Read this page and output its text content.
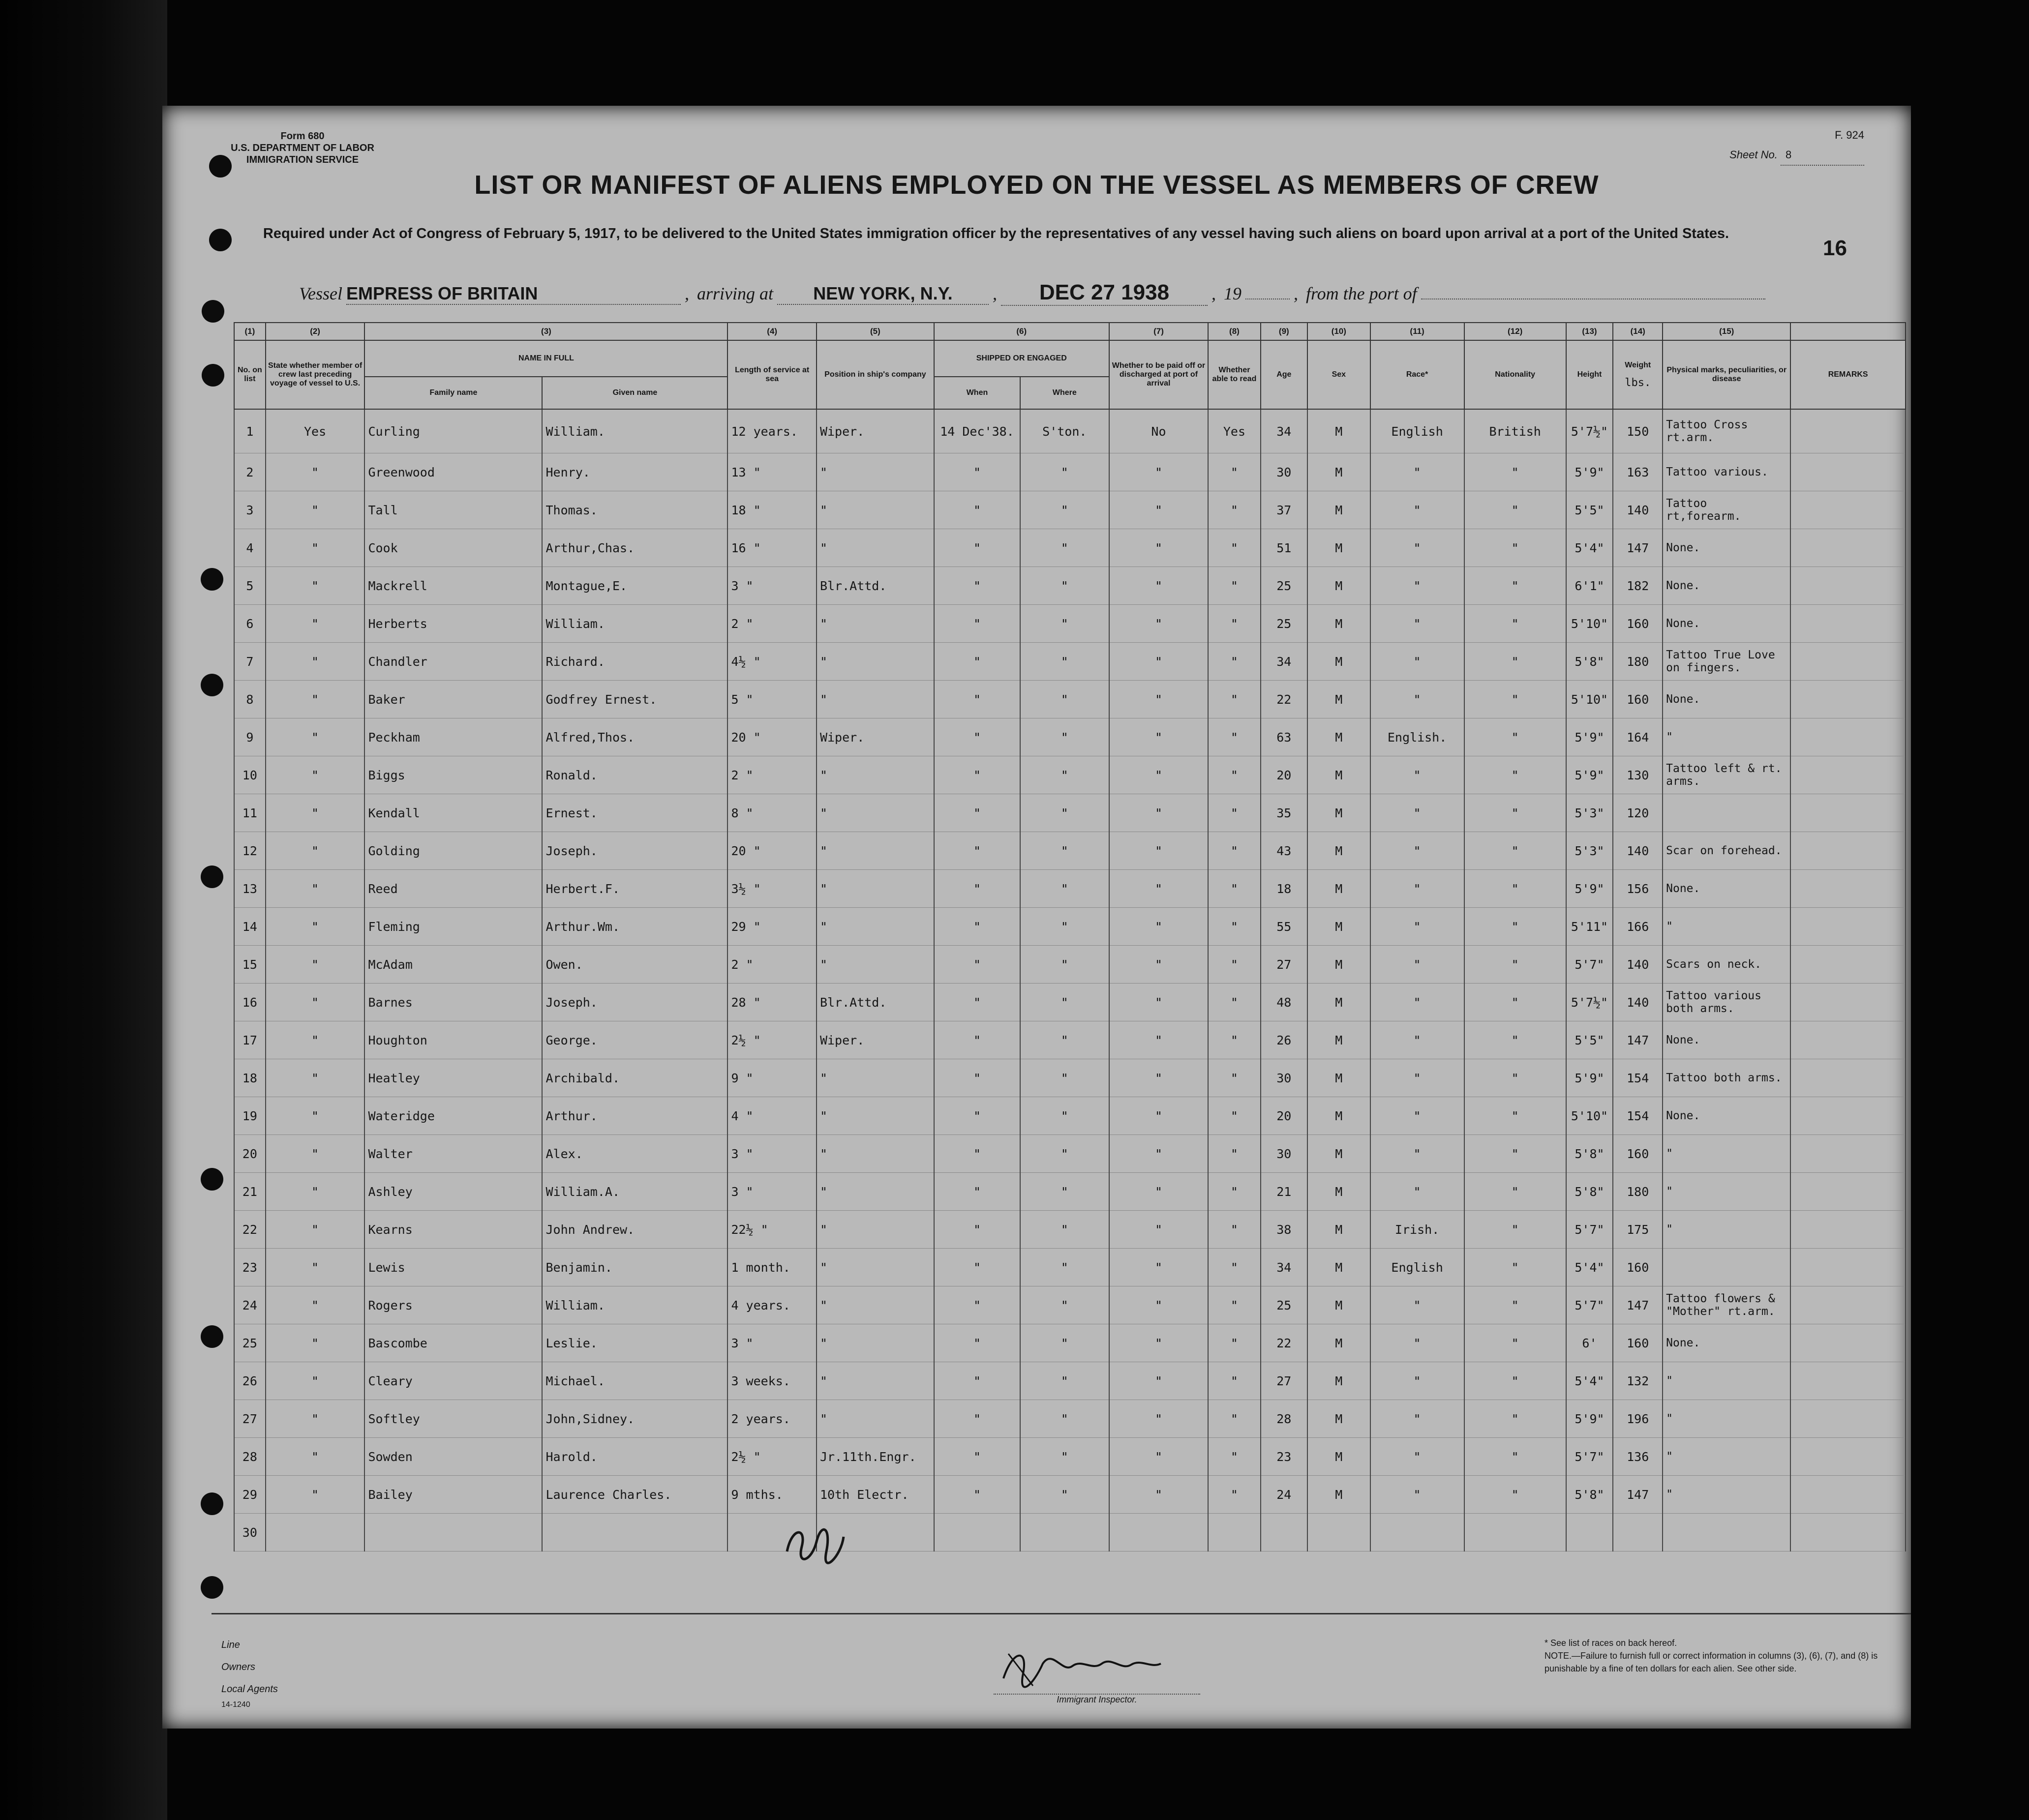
Form 680
U.S. DEPARTMENT OF LABOR
IMMIGRATION SERVICE
F. 924
Sheet No. 8
LIST OR MANIFEST OF ALIENS EMPLOYED ON THE VESSEL AS MEMBERS OF CREW
Required under Act of Congress of February 5, 1917, to be delivered to the United States immigration officer by the representatives of any vessel having such aliens on board upon arrival at a port of the United States.
16
Vessel EMPRESS OF BRITAIN	, arriving at NEW YORK, N.Y. , DEC 27 1938 , 19	, from the port of
(1)	(2)	(3)		(4)	(5)	(6)		(7)	(8)	(9)	(10)	(11)	(12)	(13)	(14)	(15)	
No. on list	State whether member of crew last preceding voyage of vessel to U.S.	NAME IN FULL		Length of service at sea	Position in ship's company	SHIPPED OR ENGAGED		Whether to be paid off or discharged at port of arrival	Whether able to read	Age	Sex	Race*	Nationality	Height	Weight

lbs.	Physical marks, peculiarities, or disease	REMARKS
		Family name	Given name			When	Where										
1	Yes	Curling	William.	12 years.	Wiper.	14 Dec'38.	S'ton.	No	Yes	34	M	English	British	5'7½"	150	Tattoo Cross rt.arm.	
2	"	Greenwood	Henry.	13 "	"	"	"	"	"	30	M	"	"	5'9"	163	Tattoo various.	
3	"	Tall	Thomas.	18 "	"	"	"	"	"	37	M	"	"	5'5"	140	Tattoo rt,forearm.	
4	"	Cook	Arthur,Chas.	16 "	"	"	"	"	"	51	M	"	"	5'4"	147	None.	
5	"	Mackrell	Montague,E.	3 "	Blr.Attd.	"	"	"	"	25	M	"	"	6'1"	182	None.	
6	"	Herberts	William.	2 "	"	"	"	"	"	25	M	"	"	5'10"	160	None.	
7	"	Chandler	Richard.	4½ "	"	"	"	"	"	34	M	"	"	5'8"	180	Tattoo True Love on fingers.	
8	"	Baker	Godfrey Ernest.	5 "	"	"	"	"	"	22	M	"	"	5'10"	160	None.	
9	"	Peckham	Alfred,Thos.	20 "	Wiper.	"	"	"	"	63	M	English.	"	5'9"	164	"	
10	"	Biggs	Ronald.	2 "	"	"	"	"	"	20	M	"	"	5'9"	130	Tattoo left & rt. arms.	
11	"	Kendall	Ernest.	8 "	"	"	"	"	"	35	M	"	"	5'3"	120		
12	"	Golding	Joseph.	20 "	"	"	"	"	"	43	M	"	"	5'3"	140	Scar on forehead.	
13	"	Reed	Herbert.F.	3½ "	"	"	"	"	"	18	M	"	"	5'9"	156	None.	
14	"	Fleming	Arthur.Wm.	29 "	"	"	"	"	"	55	M	"	"	5'11"	166	"	
15	"	McAdam	Owen.	2 "	"	"	"	"	"	27	M	"	"	5'7"	140	Scars on neck.	
16	"	Barnes	Joseph.	28 "	Blr.Attd.	"	"	"	"	48	M	"	"	5'7½"	140	Tattoo various both arms.	
17	"	Houghton	George.	2½ "	Wiper.	"	"	"	"	26	M	"	"	5'5"	147	None.	
18	"	Heatley	Archibald.	9 "	"	"	"	"	"	30	M	"	"	5'9"	154	Tattoo both arms.	
19	"	Wateridge	Arthur.	4 "	"	"	"	"	"	20	M	"	"	5'10"	154	None.	
20	"	Walter	Alex.	3 "	"	"	"	"	"	30	M	"	"	5'8"	160	"	
21	"	Ashley	William.A.	3 "	"	"	"	"	"	21	M	"	"	5'8"	180	"	
22	"	Kearns	John Andrew.	22½ "	"	"	"	"	"	38	M	Irish.	"	5'7"	175	"	
23	"	Lewis	Benjamin.	1 month.	"	"	"	"	"	34	M	English	"	5'4"	160		
24	"	Rogers	William.	4 years.	"	"	"	"	"	25	M	"	"	5'7"	147	Tattoo flowers & "Mother" rt.arm.	
25	"	Bascombe	Leslie.	3 "	"	"	"	"	"	22	M	"	"	6'	160	None.	
26	"	Cleary	Michael.	3 weeks.	"	"	"	"	"	27	M	"	"	5'4"	132	"	
27	"	Softley	John,Sidney.	2 years.	"	"	"	"	"	28	M	"	"	5'9"	196	"	
28	"	Sowden	Harold.	2½ "	Jr.11th.Engr.	"	"	"	"	23	M	"	"	5'7"	136	"	
29	"	Bailey	Laurence Charles.	9 mths.	10th Electr.	"	"	"	"	24	M	"	"	5'8"	147	"	
30																	
Line
Owners
Local Agents
14-1240
Immigrant Inspector.
* See list of races on back hereof.
NOTE.—Failure to furnish full or correct information in columns (3), (6), (7), and (8) is punishable by a fine of ten dollars for each alien. See other side.
